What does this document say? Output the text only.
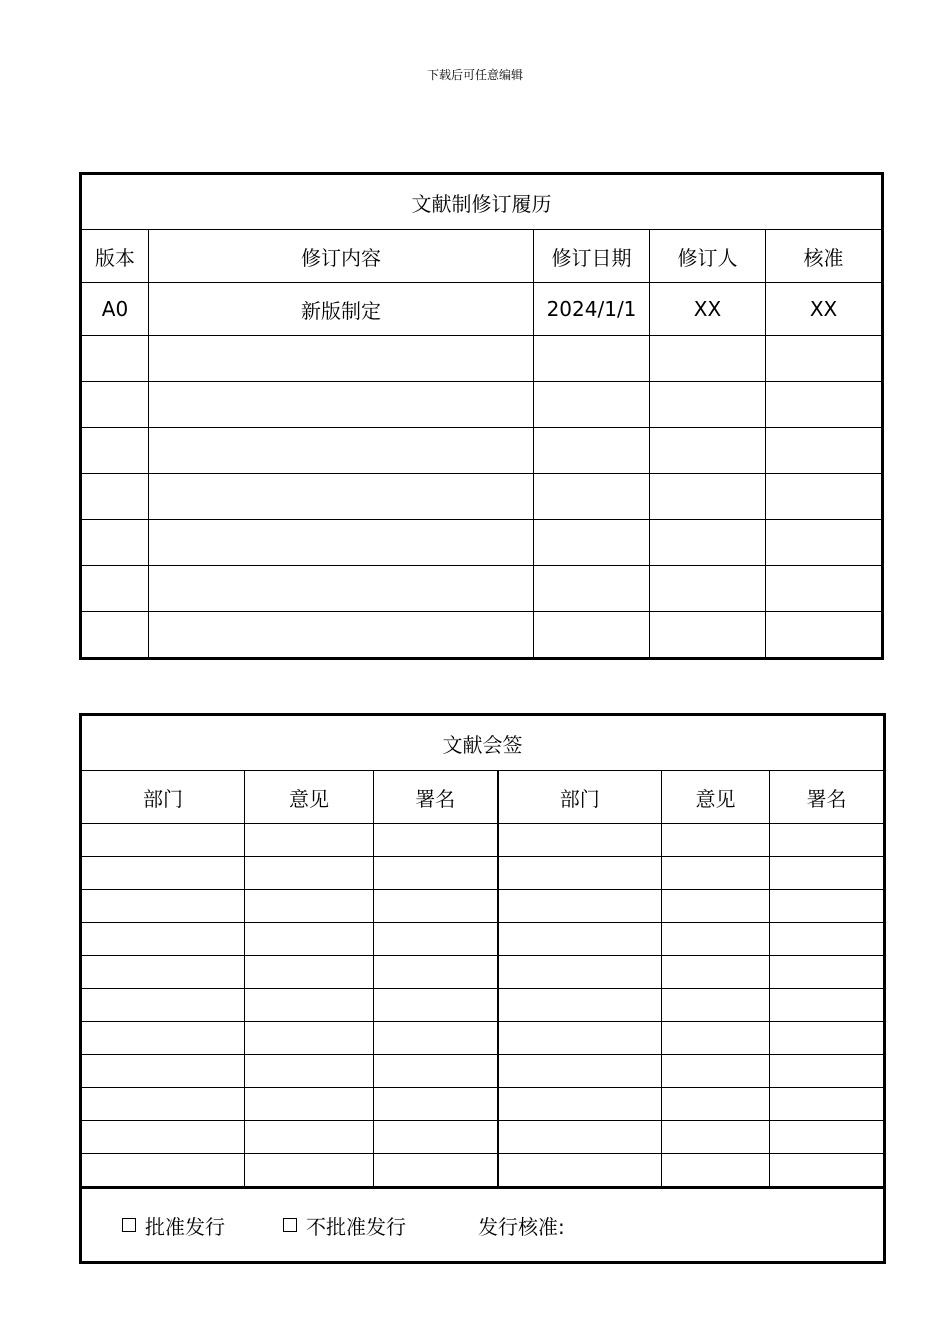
下载后可任意编辑
文献制修订履历				
版本	修订内容	修订日期	修订人	核准
A0	新版制定	2024/1/1	XX	XX

文献会签					
部门	意见	署名	部门	意见	署名

批准发行 不批准发行 发行核准:					
